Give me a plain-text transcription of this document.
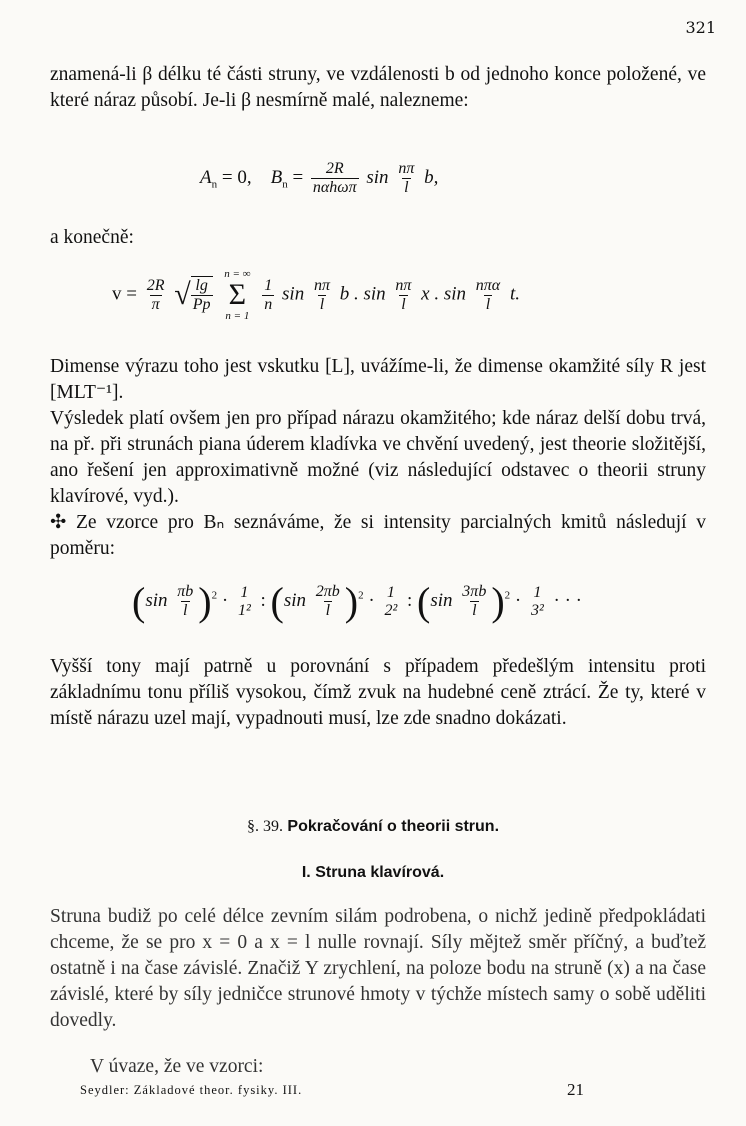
321
znamená-li β délku té části struny, ve vzdálenosti b od jednoho konce položené, ve které náraz působí. Je-li β nesmírně malé, nalezneme:
$A_n = 0$, $B_n = \frac{2R}{\text{nαhωπ}}$ $\sin \frac{n\pi}{l} b$,
a konečně:
$v = \frac{2R}{\pi}$ √ $\frac{\lg}{Pp}$

n = ∞
Σ
n = 1

$\frac{1}{n}$ $\sin \frac{n\pi}{l}$ b . $\sin \frac{n\pi}{l}$ x . $\sin \frac{\text{nπα}}{l} t$.
Dimense výrazu toho jest vskutku [L], uvážíme-li, že dimense okamžité síly R jest [MLT⁻¹].
Výsledek platí ovšem jen pro případ nárazu okamžitého; kde náraz delší dobu trvá, na př. při strunách piana úderem kladívka ve chvění uvedený, jest theorie složitější, ano řešení jen approximativně možné (viz následující odstavec o theorii struny klavírové, vyd.).
✣ Ze vzorce pro Bₙ seznáváme, že si intensity parcialných kmitů následují v poměru:
$(\sin \frac{\pi b}{l} )^2 \cdot 1$
1² : $(\sin \frac{2\pi b}{l} )^2 \cdot 1$
2² : $(\sin \frac{3\pi b}{l} )^2 \cdot 1$
3² · · ·
Vyšší tony mají patrně u porovnání s případem předešlým intensitu proti základnímu tonu příliš vysokou, čímž zvuk na hudebné ceně ztrácí. Že ty, které v místě nárazu uzel mají, vypadnouti musí, lze zde snadno dokázati.
§. 39. Pokračování o theorii strun.
I. Struna klavírová.
Struna budiž po celé délce zevním silám podrobena, o nichž jedině předpokládati chceme, že se pro x = 0 a x = l nulle rovnají. Síly mějtež směr příčný, a buďtež ostatně i na čase závislé. Značiž Y zrychlení, na poloze bodu na struně (x) a na čase závislé, které by síly jedničce strunové hmoty v týchže místech samy o sobě uděliti dovedly.
V úvaze, že ve vzorci:
Seydler: Základové theor. fysiky. III.	21
